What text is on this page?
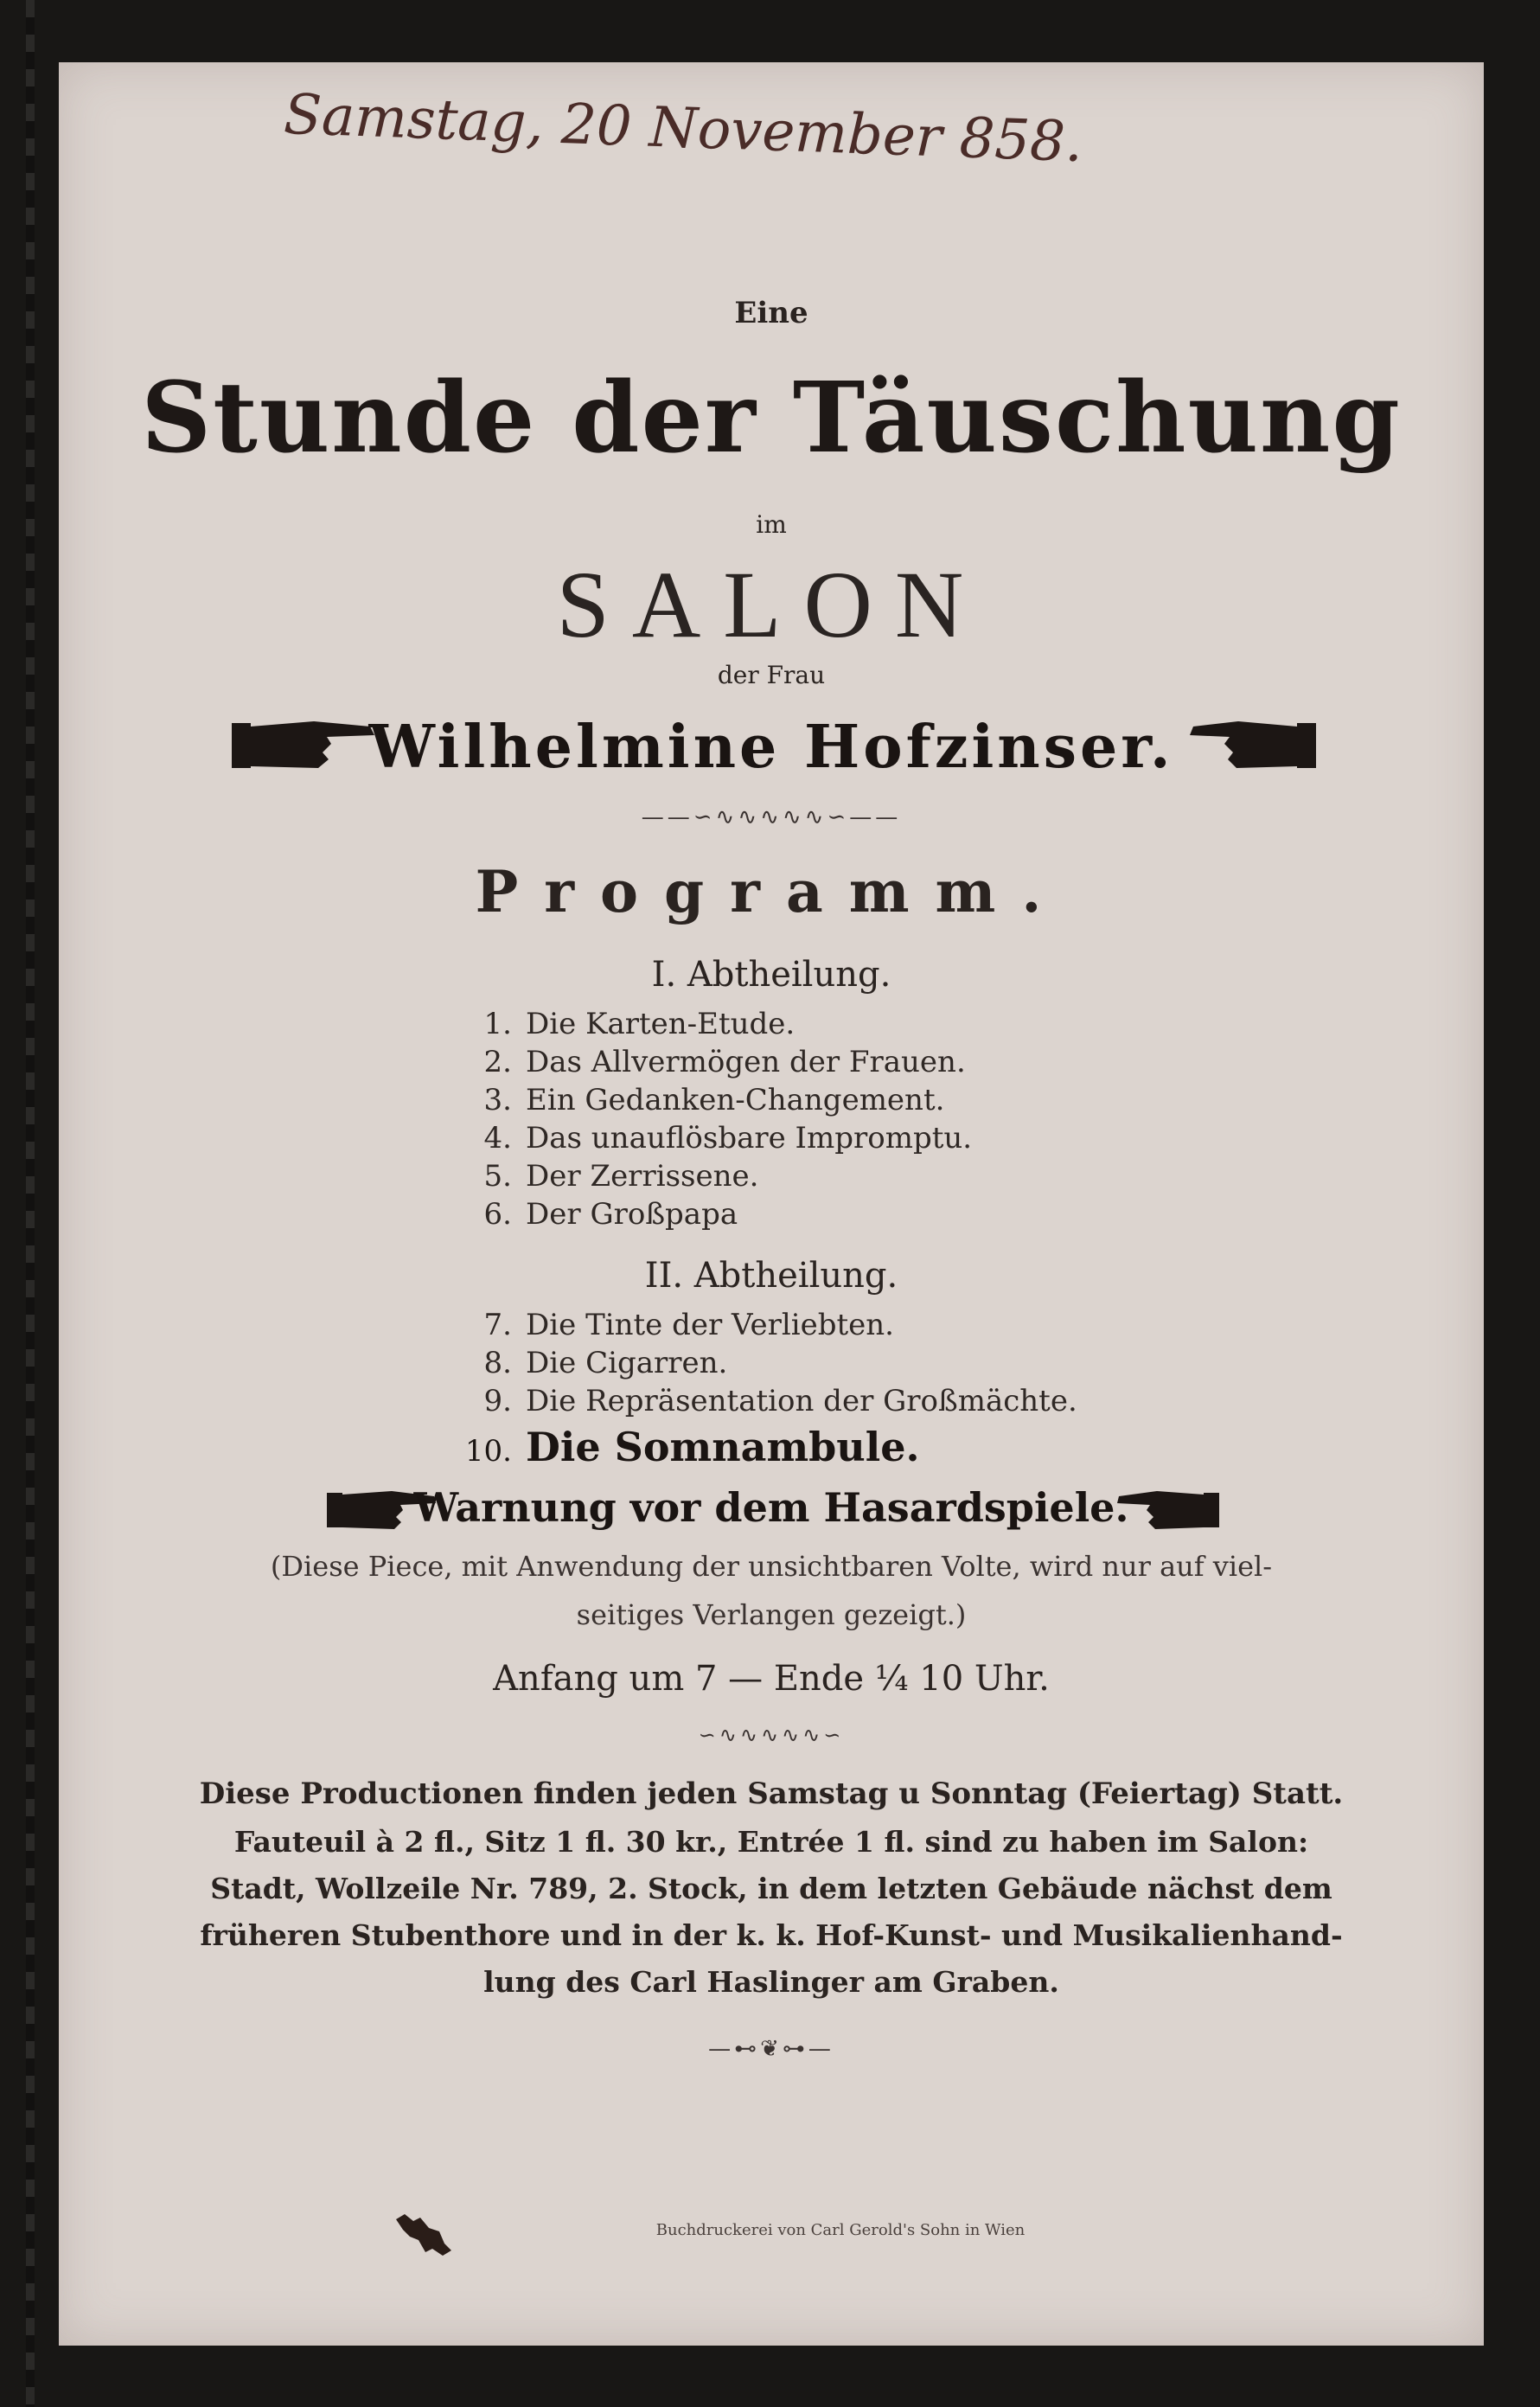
Samstag, 20 November 858.
Eine
Stunde der Täuschung
im
SALON
der Frau
Wilhelmine Hofzinser.
——∽∿∿∿∿∿∽——
Programm.
I. Abtheilung.
1. Die Karten-Etude.
2. Das Allvermögen der Frauen.
3. Ein Gedanken-Changement.
4. Das unauflösbare Impromptu.
5. Der Zerrissene.
6. Der Großpapa
II. Abtheilung.
7. Die Tinte der Verliebten.
8. Die Cigarren.
9. Die Repräsentation der Großmächte.
10. Die Somnambule.
Warnung vor dem Hasardspiele.
(Diese Piece, mit Anwendung der unsichtbaren Volte, wird nur auf viel-
seitiges Verlangen gezeigt.)
Anfang um 7 — Ende ¼ 10 Uhr.
∽∿∿∿∿∿∽
Diese Productionen finden jeden Samstag u Sonntag (Feiertag) Statt.
Fauteuil à 2 fl., Sitz 1 fl. 30 kr., Entrée 1 fl. sind zu haben im Salon:
Stadt, Wollzeile Nr. 789, 2. Stock, in dem letzten Gebäude nächst dem
früheren Stubenthore und in der k. k. Hof-Kunst- und Musikalienhand-
lung des Carl Haslinger am Graben.
—⊷❦⊶—
Buchdruckerei von Carl Gerold's Sohn in Wien
